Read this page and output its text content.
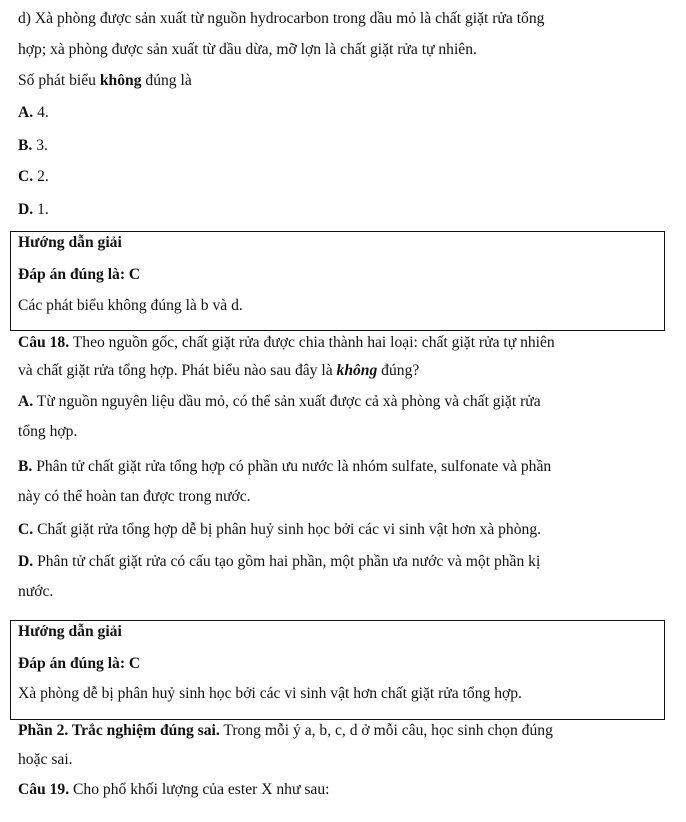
d) Xà phòng được sản xuất từ nguồn hydrocarbon trong dầu mỏ là chất giặt rửa tổng
hợp; xà phòng được sản xuất từ dầu dừa, mỡ lợn là chất giặt rửa tự nhiên.
Số phát biểu không đúng là
A. 4.
B. 3.
C. 2.
D. 1.
Hướng dẫn giải
Đáp án đúng là: C
Các phát biểu không đúng là b và d.
Câu 18. Theo nguồn gốc, chất giặt rửa được chia thành hai loại: chất giặt rửa tự nhiên
và chất giặt rửa tổng hợp. Phát biểu nào sau đây là không đúng?
A. Từ nguồn nguyên liệu dầu mỏ, có thể sản xuất được cả xà phòng và chất giặt rửa
tổng hợp.
B. Phân tử chất giặt rửa tổng hợp có phần ưu nước là nhóm sulfate, sulfonate và phần
này có thể hoàn tan được trong nước.
C. Chất giặt rửa tổng hợp dễ bị phân huỷ sinh học bởi các vi sinh vật hơn xà phòng.
D. Phân tử chất giặt rửa có cấu tạo gồm hai phần, một phần ưa nước và một phần kị
nước.
Hướng dẫn giải
Đáp án đúng là: C
Xà phòng dễ bị phân huỷ sinh học bởi các vi sinh vật hơn chất giặt rửa tổng hợp.
Phần 2. Trắc nghiệm đúng sai. Trong mỗi ý a, b, c, d ở mỗi câu, học sinh chọn đúng
hoặc sai.
Câu 19. Cho phổ khối lượng của ester X như sau:
